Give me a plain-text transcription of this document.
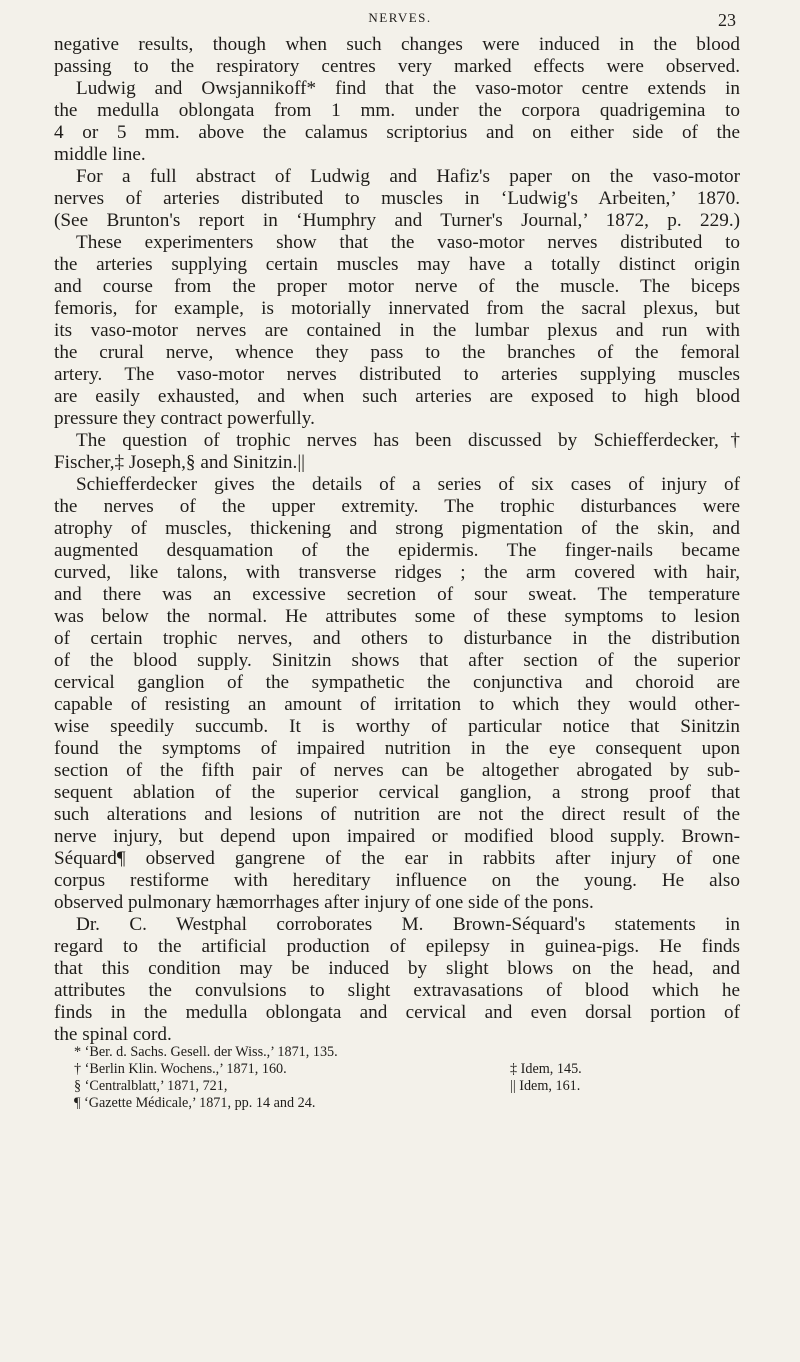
NERVES.	23
negative results, though when such changes were induced in the blood
passing to the respiratory centres very marked effects were observed.
Ludwig and Owsjannikoff* find that the vaso-motor centre extends in
the medulla oblongata from 1 mm. under the corpora quadrigemina to
4 or 5 mm. above the calamus scriptorius and on either side of the
middle line.
For a full abstract of Ludwig and Hafiz's paper on the vaso-motor
nerves of arteries distributed to muscles in ‘Ludwig's Arbeiten,’ 1870.
(See Brunton's report in ‘Humphry and Turner's Journal,’ 1872, p. 229.)
These experimenters show that the vaso-motor nerves distributed to
the arteries supplying certain muscles may have a totally distinct origin
and course from the proper motor nerve of the muscle. The biceps
femoris, for example, is motorially innervated from the sacral plexus, but
its vaso-motor nerves are contained in the lumbar plexus and run with
the crural nerve, whence they pass to the branches of the femoral
artery. The vaso-motor nerves distributed to arteries supplying muscles
are easily exhausted, and when such arteries are exposed to high blood
pressure they contract powerfully.
The question of trophic nerves has been discussed by Schiefferdecker,†
Fischer,‡ Joseph,§ and Sinitzin.||
Schiefferdecker gives the details of a series of six cases of injury of
the nerves of the upper extremity. The trophic disturbances were
atrophy of muscles, thickening and strong pigmentation of the skin, and
augmented desquamation of the epidermis. The finger-nails became
curved, like talons, with transverse ridges ; the arm covered with hair,
and there was an excessive secretion of sour sweat. The temperature
was below the normal. He attributes some of these symptoms to lesion
of certain trophic nerves, and others to disturbance in the distribution
of the blood supply. Sinitzin shows that after section of the superior
cervical ganglion of the sympathetic the conjunctiva and choroid are
capable of resisting an amount of irritation to which they would other-
wise speedily succumb. It is worthy of particular notice that Sinitzin
found the symptoms of impaired nutrition in the eye consequent upon
section of the fifth pair of nerves can be altogether abrogated by sub-
sequent ablation of the superior cervical ganglion, a strong proof that
such alterations and lesions of nutrition are not the direct result of the
nerve injury, but depend upon impaired or modified blood supply. Brown-
Séquard¶ observed gangrene of the ear in rabbits after injury of one
corpus restiforme with hereditary influence on the young. He also
observed pulmonary hæmorrhages after injury of one side of the pons.
Dr. C. Westphal corroborates M. Brown-Séquard's statements in
regard to the artificial production of epilepsy in guinea-pigs. He finds
that this condition may be induced by slight blows on the head, and
attributes the convulsions to slight extravasations of blood which he
finds in the medulla oblongata and cervical and even dorsal portion of
the spinal cord.
* ‘Ber. d. Sachs. Gesell. der Wiss.,’ 1871, 135.
† ‘Berlin Klin. Wochens.,’ 1871, 160.	‡ Idem, 145.
§ ‘Centralblatt,’ 1871, 721,	|| Idem, 161.
¶ ‘Gazette Médicale,’ 1871, pp. 14 and 24.
